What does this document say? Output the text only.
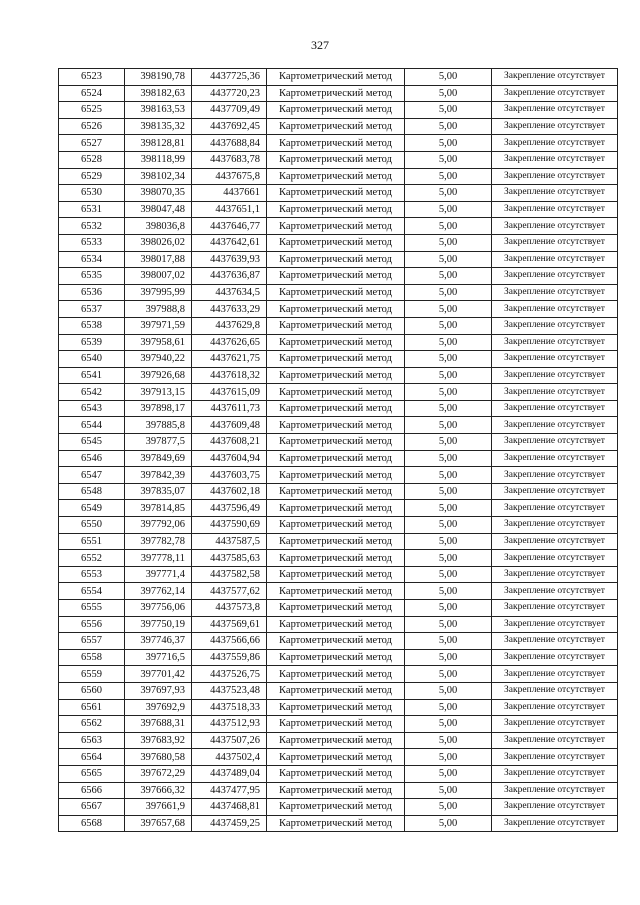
327
6523	398190,78	4437725,36	Картометрический метод	5,00	Закрепление отсутствует
6524	398182,63	4437720,23	Картометрический метод	5,00	Закрепление отсутствует
6525	398163,53	4437709,49	Картометрический метод	5,00	Закрепление отсутствует
6526	398135,32	4437692,45	Картометрический метод	5,00	Закрепление отсутствует
6527	398128,81	4437688,84	Картометрический метод	5,00	Закрепление отсутствует
6528	398118,99	4437683,78	Картометрический метод	5,00	Закрепление отсутствует
6529	398102,34	4437675,8	Картометрический метод	5,00	Закрепление отсутствует
6530	398070,35	4437661	Картометрический метод	5,00	Закрепление отсутствует
6531	398047,48	4437651,1	Картометрический метод	5,00	Закрепление отсутствует
6532	398036,8	4437646,77	Картометрический метод	5,00	Закрепление отсутствует
6533	398026,02	4437642,61	Картометрический метод	5,00	Закрепление отсутствует
6534	398017,88	4437639,93	Картометрический метод	5,00	Закрепление отсутствует
6535	398007,02	4437636,87	Картометрический метод	5,00	Закрепление отсутствует
6536	397995,99	4437634,5	Картометрический метод	5,00	Закрепление отсутствует
6537	397988,8	4437633,29	Картометрический метод	5,00	Закрепление отсутствует
6538	397971,59	4437629,8	Картометрический метод	5,00	Закрепление отсутствует
6539	397958,61	4437626,65	Картометрический метод	5,00	Закрепление отсутствует
6540	397940,22	4437621,75	Картометрический метод	5,00	Закрепление отсутствует
6541	397926,68	4437618,32	Картометрический метод	5,00	Закрепление отсутствует
6542	397913,15	4437615,09	Картометрический метод	5,00	Закрепление отсутствует
6543	397898,17	4437611,73	Картометрический метод	5,00	Закрепление отсутствует
6544	397885,8	4437609,48	Картометрический метод	5,00	Закрепление отсутствует
6545	397877,5	4437608,21	Картометрический метод	5,00	Закрепление отсутствует
6546	397849,69	4437604,94	Картометрический метод	5,00	Закрепление отсутствует
6547	397842,39	4437603,75	Картометрический метод	5,00	Закрепление отсутствует
6548	397835,07	4437602,18	Картометрический метод	5,00	Закрепление отсутствует
6549	397814,85	4437596,49	Картометрический метод	5,00	Закрепление отсутствует
6550	397792,06	4437590,69	Картометрический метод	5,00	Закрепление отсутствует
6551	397782,78	4437587,5	Картометрический метод	5,00	Закрепление отсутствует
6552	397778,11	4437585,63	Картометрический метод	5,00	Закрепление отсутствует
6553	397771,4	4437582,58	Картометрический метод	5,00	Закрепление отсутствует
6554	397762,14	4437577,62	Картометрический метод	5,00	Закрепление отсутствует
6555	397756,06	4437573,8	Картометрический метод	5,00	Закрепление отсутствует
6556	397750,19	4437569,61	Картометрический метод	5,00	Закрепление отсутствует
6557	397746,37	4437566,66	Картометрический метод	5,00	Закрепление отсутствует
6558	397716,5	4437559,86	Картометрический метод	5,00	Закрепление отсутствует
6559	397701,42	4437526,75	Картометрический метод	5,00	Закрепление отсутствует
6560	397697,93	4437523,48	Картометрический метод	5,00	Закрепление отсутствует
6561	397692,9	4437518,33	Картометрический метод	5,00	Закрепление отсутствует
6562	397688,31	4437512,93	Картометрический метод	5,00	Закрепление отсутствует
6563	397683,92	4437507,26	Картометрический метод	5,00	Закрепление отсутствует
6564	397680,58	4437502,4	Картометрический метод	5,00	Закрепление отсутствует
6565	397672,29	4437489,04	Картометрический метод	5,00	Закрепление отсутствует
6566	397666,32	4437477,95	Картометрический метод	5,00	Закрепление отсутствует
6567	397661,9	4437468,81	Картометрический метод	5,00	Закрепление отсутствует
6568	397657,68	4437459,25	Картометрический метод	5,00	Закрепление отсутствует
